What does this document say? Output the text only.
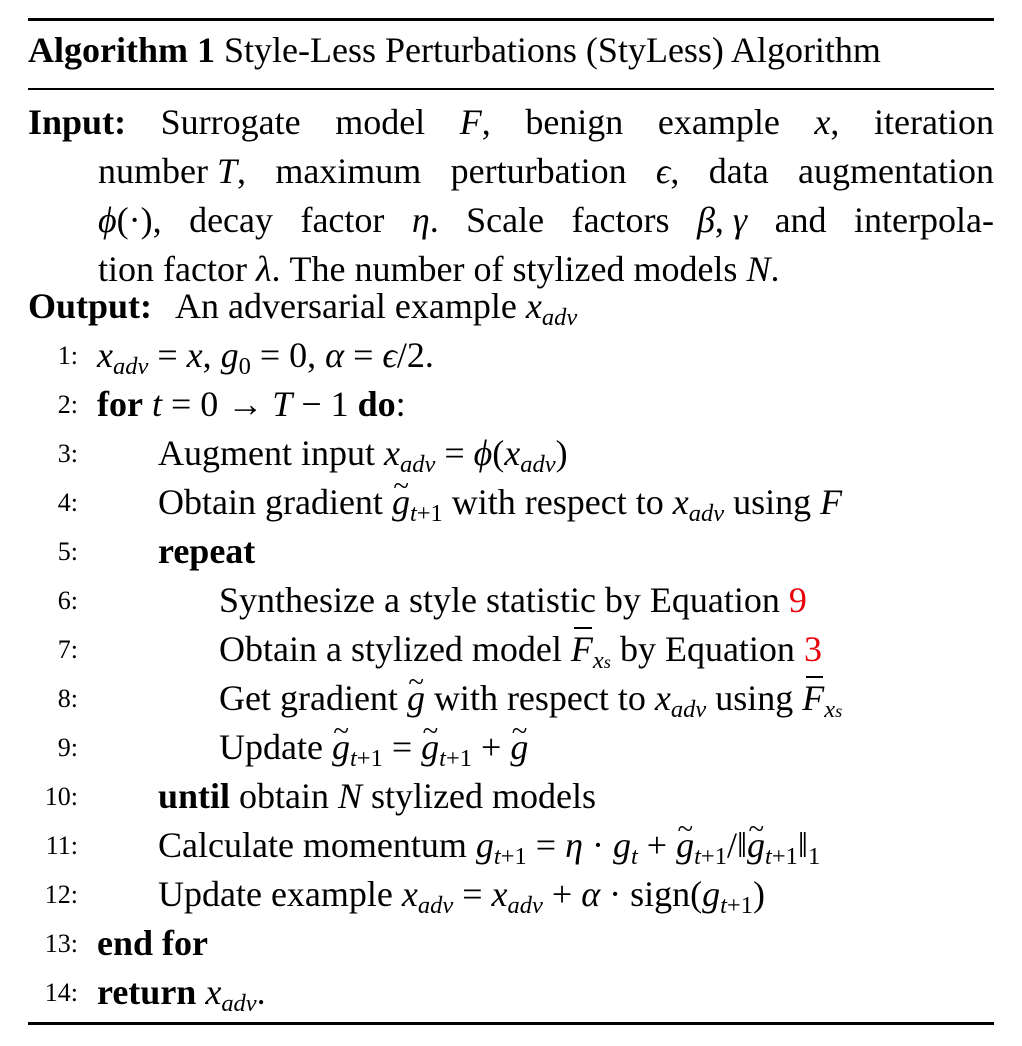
Algorithm 1 Style-Less Perturbations (StyLess) Algorithm
Input: Surrogate model F, benign example x, iteration
number T, maximum perturbation ϵ, data augmentation
ϕ(·), decay factor η. Scale factors β, γ and interpola-
tion factor λ. The number of stylized models N.
Output: An adversarial example $x_{adv}$
1: $x_{adv} = x$, g0 = 0, α = ϵ/2.
2: for t = 0 → T − 1 do:
3: Augment input $x_{adv} = \phi(x_{adv})$
4: Obtain gradient ~ gt+1 with respect to $x_{adv}$ using F
5: repeat
6:	Synthesize a style statistic by Equation 9
7:	Obtain a stylized model $F_{xs}$ by Equation 3
8:	Get gradient ~ g with respect to $x_{adv}$ using $F_{xs}$
9:	Update ~ gt+1 = ~ gt+1 + ~ g
10: until obtain N stylized models
11: Calculate momentum $gt+1 = \eta \cdot g_t$ + ~ gt+1/‖~ gt+1‖1
12: Update example $x_{adv} = x_{adv} + \alpha$ · sign(gt+1)
13: end for
14: return $x_{adv}$.
